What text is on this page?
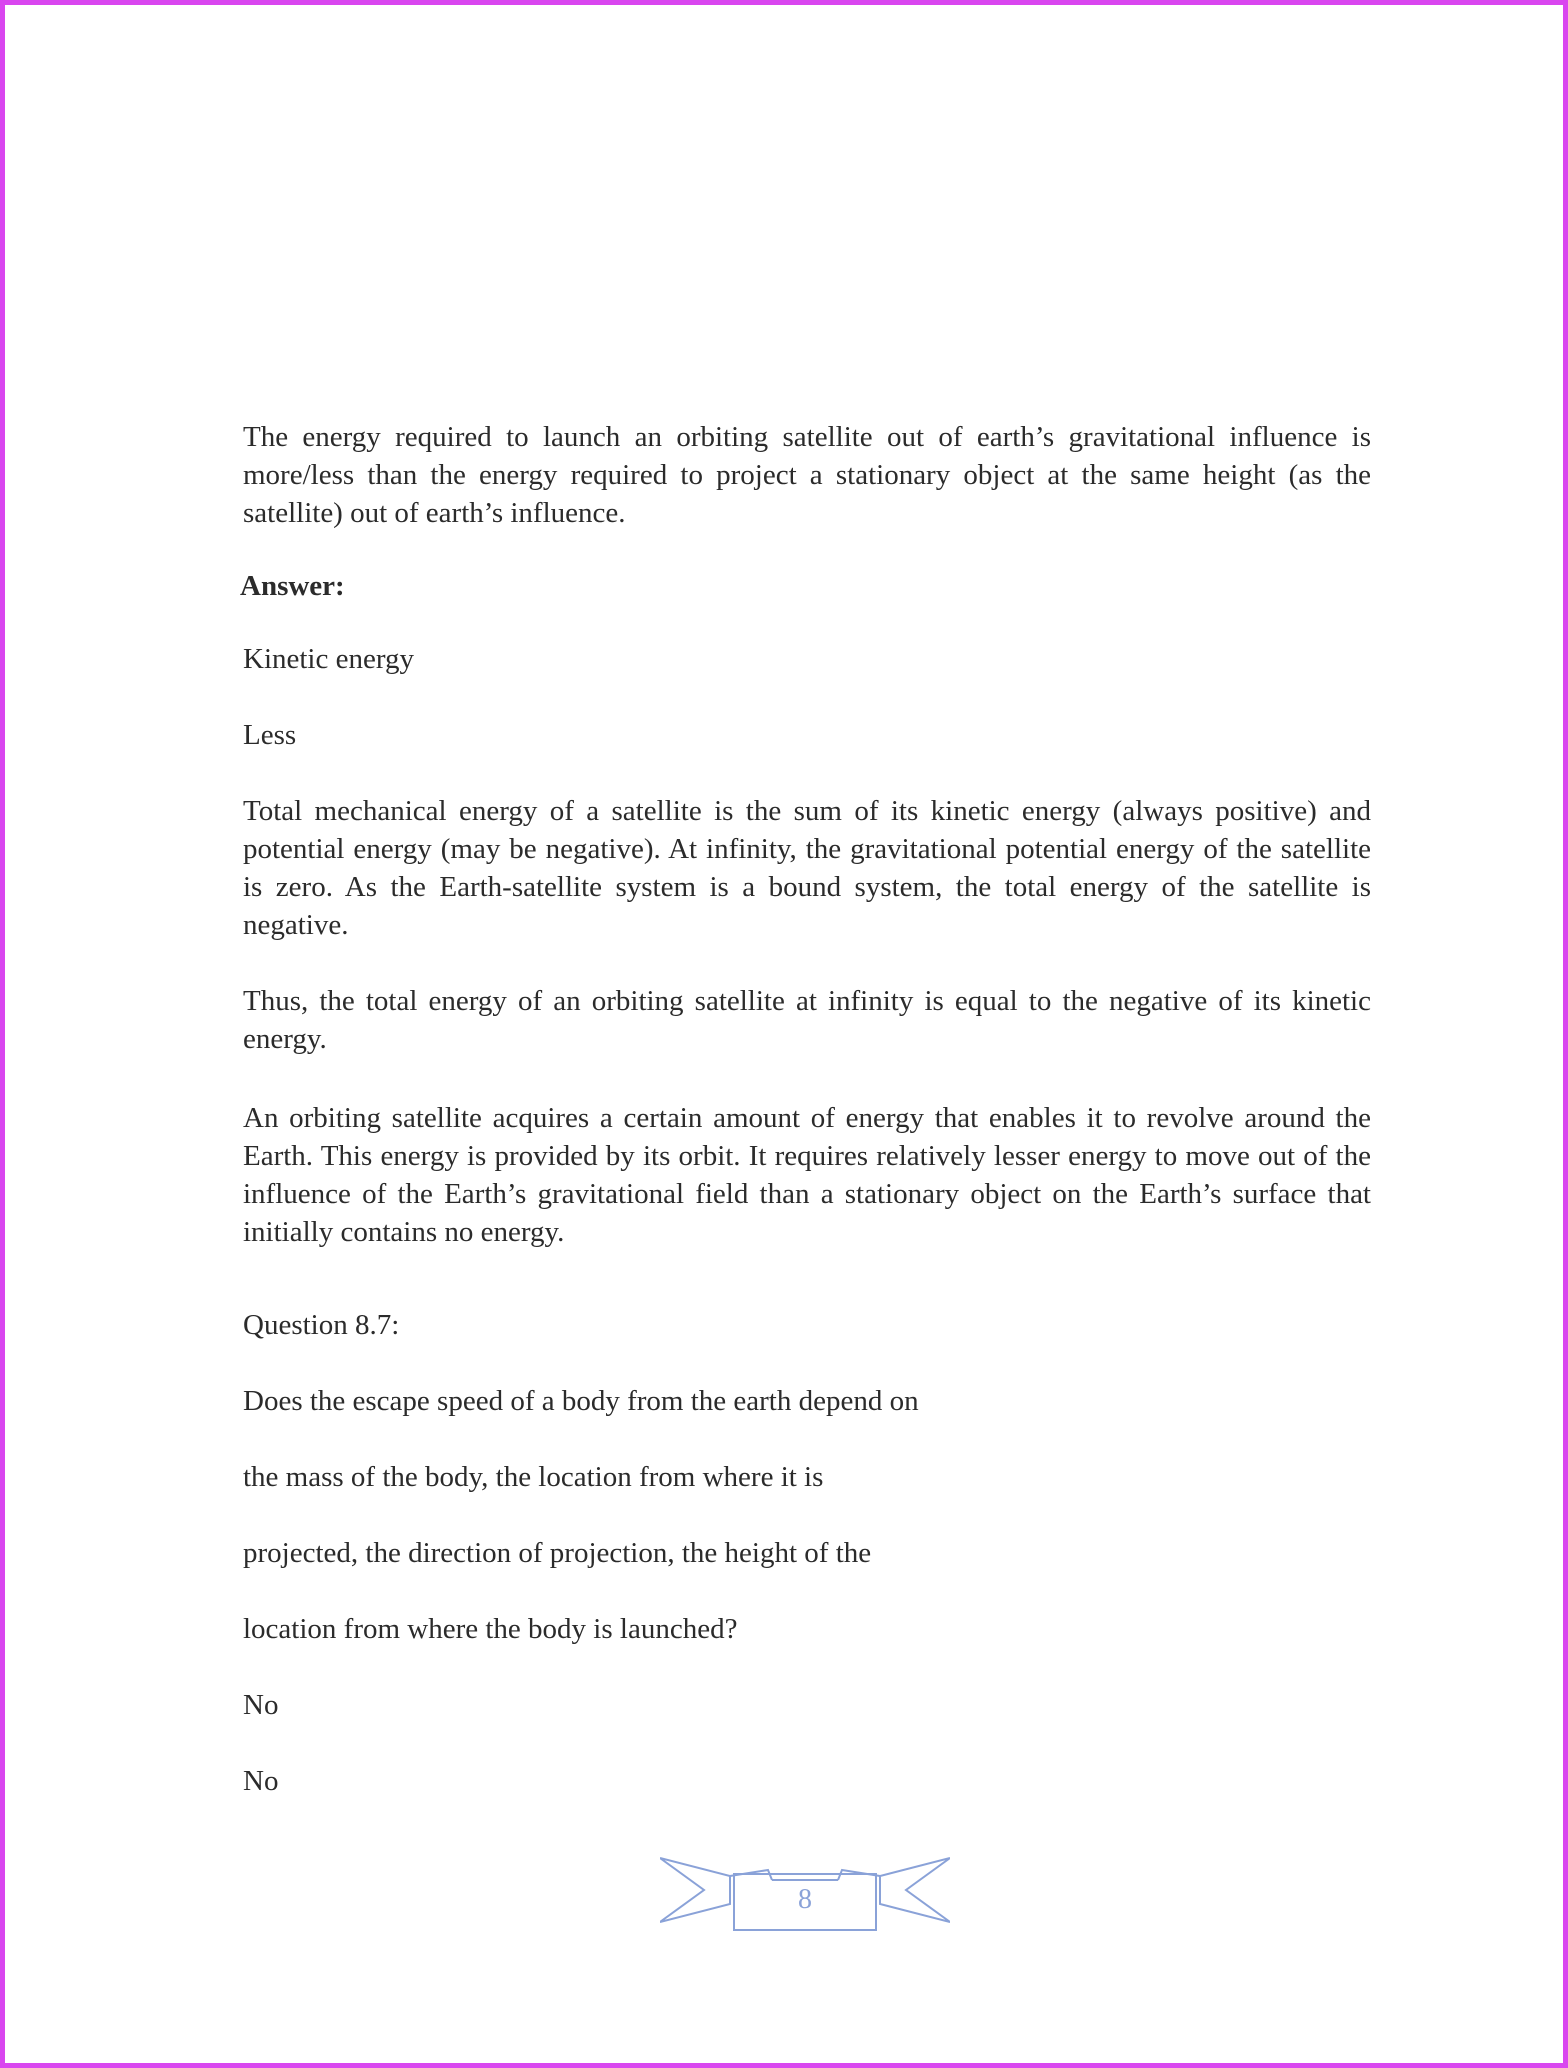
The energy required to launch an orbiting satellite out of earth’s gravitational influence is more/less than the energy required to project a stationary object at the same height (as the satellite) out of earth’s influence.

Answer:

Kinetic energy

Less

Total mechanical energy of a satellite is the sum of its kinetic energy (always positive) and potential energy (may be negative). At infinity, the gravitational potential energy of the satellite is zero. As the Earth-satellite system is a bound system, the total energy of the satellite is negative.

Thus, the total energy of an orbiting satellite at infinity is equal to the negative of its kinetic energy.

An orbiting satellite acquires a certain amount of energy that enables it to revolve around the Earth. This energy is provided by its orbit. It requires relatively lesser energy to move out of the influence of the Earth’s gravitational field than a stationary object on the Earth’s surface that initially contains no energy.

Question 8.7:

Does the escape speed of a body from the earth depend on

the mass of the body, the location from where it is

projected, the direction of projection, the height of the

location from where the body is launched?

No

No

8
